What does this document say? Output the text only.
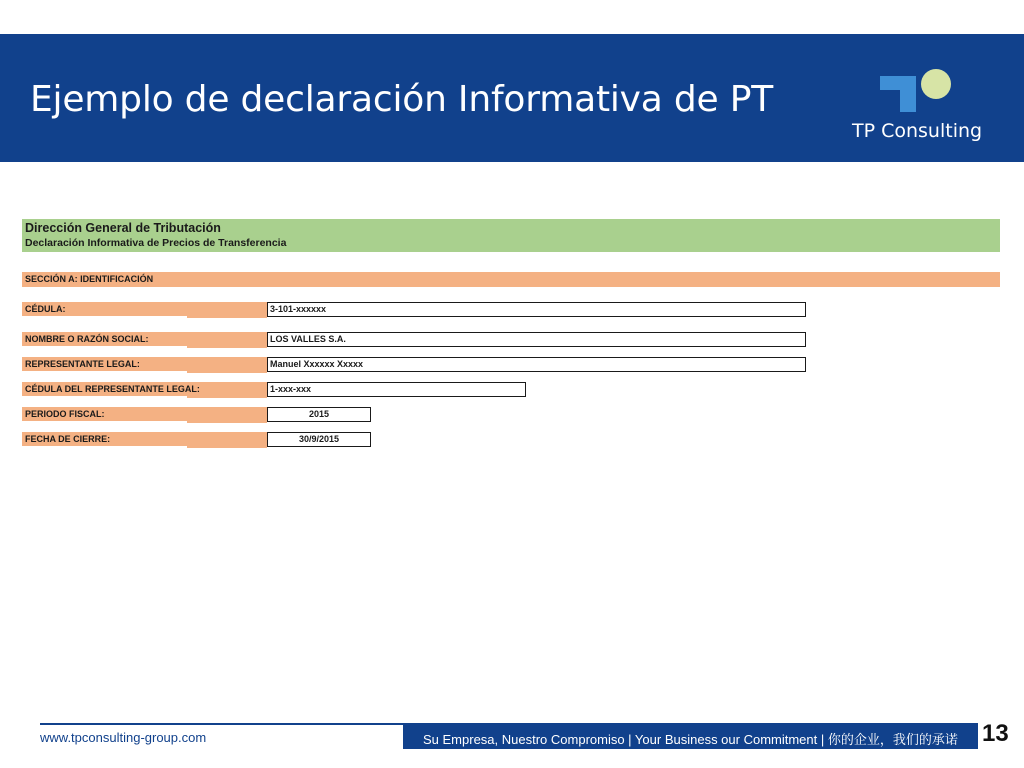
Ejemplo de declaración Informativa de PT
TP Consulting
Dirección General de Tributación
Declaración Informativa de Precios de Transferencia
SECCIÓN A: IDENTIFICACIÓN
CÉDULA:	3-101-xxxxxx
NOMBRE O RAZÓN SOCIAL:	LOS VALLES S.A.
REPRESENTANTE LEGAL:	Manuel Xxxxxx Xxxxx
CÉDULA DEL REPRESENTANTE LEGAL:	1-xxx-xxx
PERIODO FISCAL:	2015
FECHA DE CIERRE:	30/9/2015
www.tpconsulting-group.com	Su Empresa, Nuestro Compromiso | Your Business our Commitment | 你的企业，我们的承诺 13
